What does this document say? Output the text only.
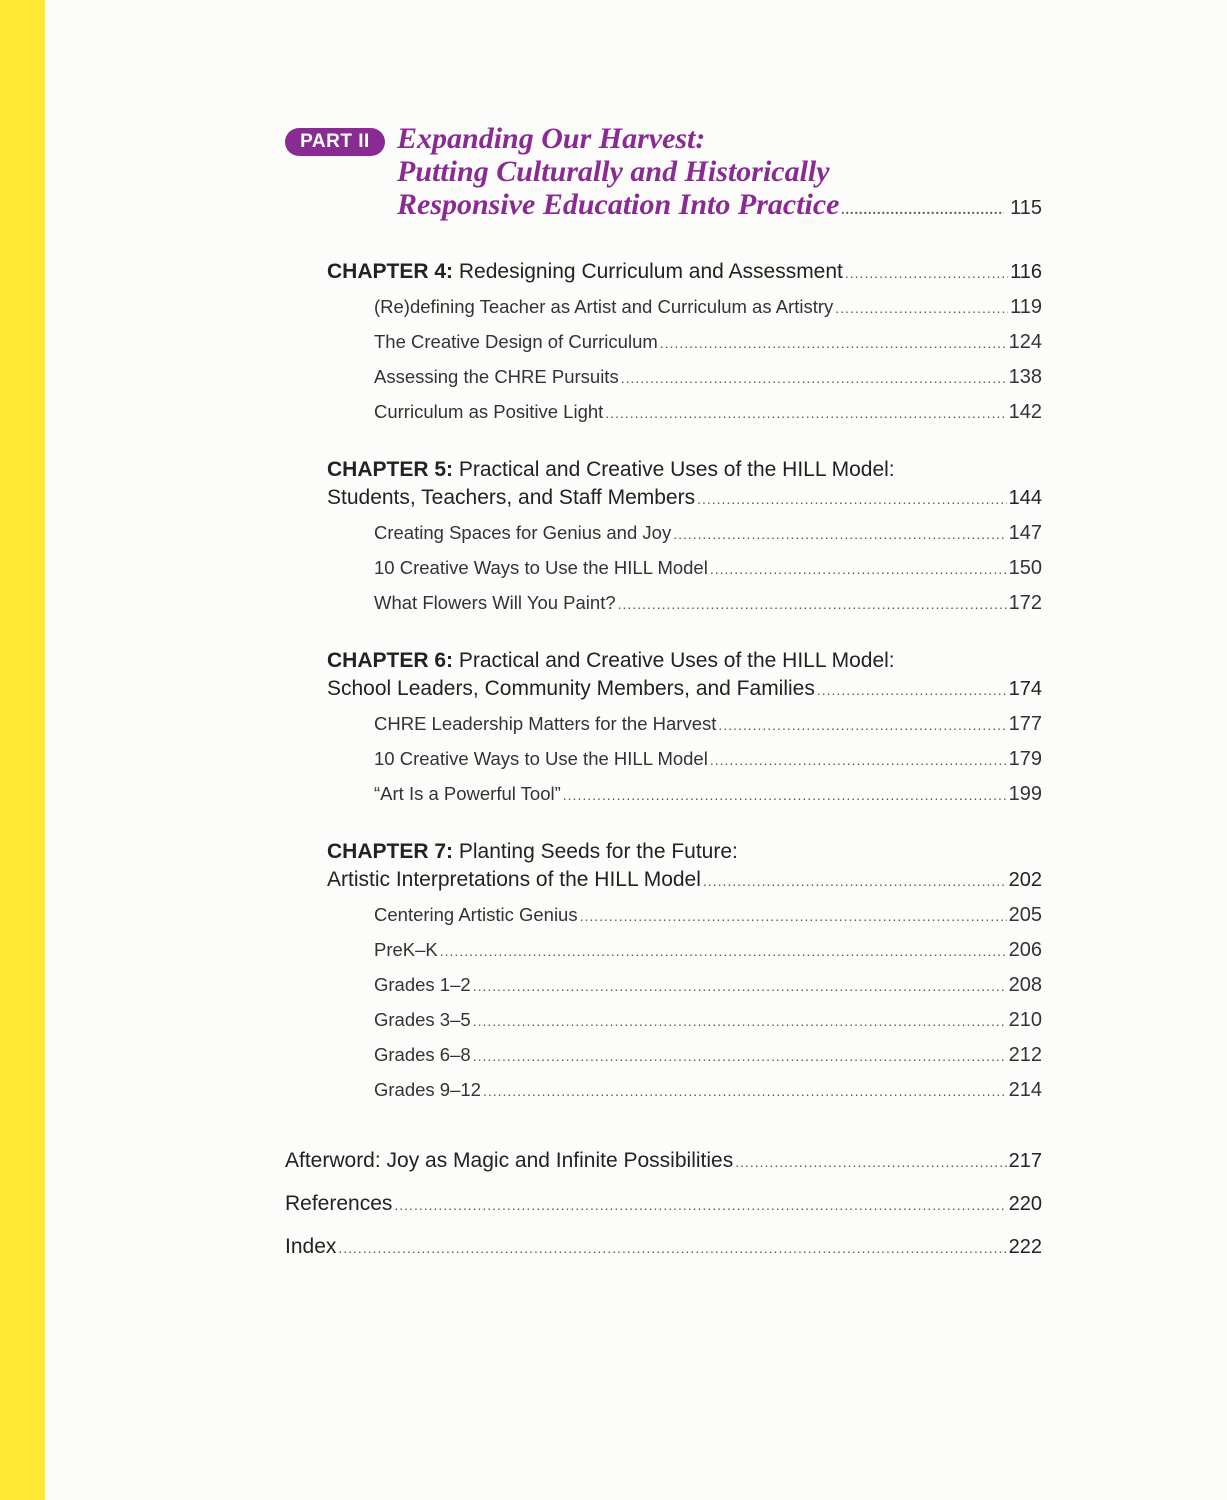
PART II Expanding Our Harvest:
Putting Culturally and Historically
Responsive Education Into Practice .....	115
CHAPTER 4: Redesigning Curriculum and Assessment .....	116
(Re)defining Teacher as Artist and Curriculum as Artistry .....	119
The Creative Design of Curriculum .....	124
Assessing the CHRE Pursuits .....	138
Curriculum as Positive Light .....	142
CHAPTER 5: Practical and Creative Uses of the HILL Model:
Students, Teachers, and Staff Members .....	144
Creating Spaces for Genius and Joy .....	147
10 Creative Ways to Use the HILL Model .....	150
What Flowers Will You Paint? .....	172
CHAPTER 6: Practical and Creative Uses of the HILL Model:
School Leaders, Community Members, and Families .....	174
CHRE Leadership Matters for the Harvest .....	177
10 Creative Ways to Use the HILL Model .....	179
“Art Is a Powerful Tool” .....	199
CHAPTER 7: Planting Seeds for the Future:
Artistic Interpretations of the HILL Model .....	202
Centering Artistic Genius .....	205
PreK–K .....	206
Grades 1–2 .....	208
Grades 3–5 .....	210
Grades 6–8 .....	212
Grades 9–12 .....	214
Afterword: Joy as Magic and Infinite Possibilities .....	217
References .....	220
Index .....	222
